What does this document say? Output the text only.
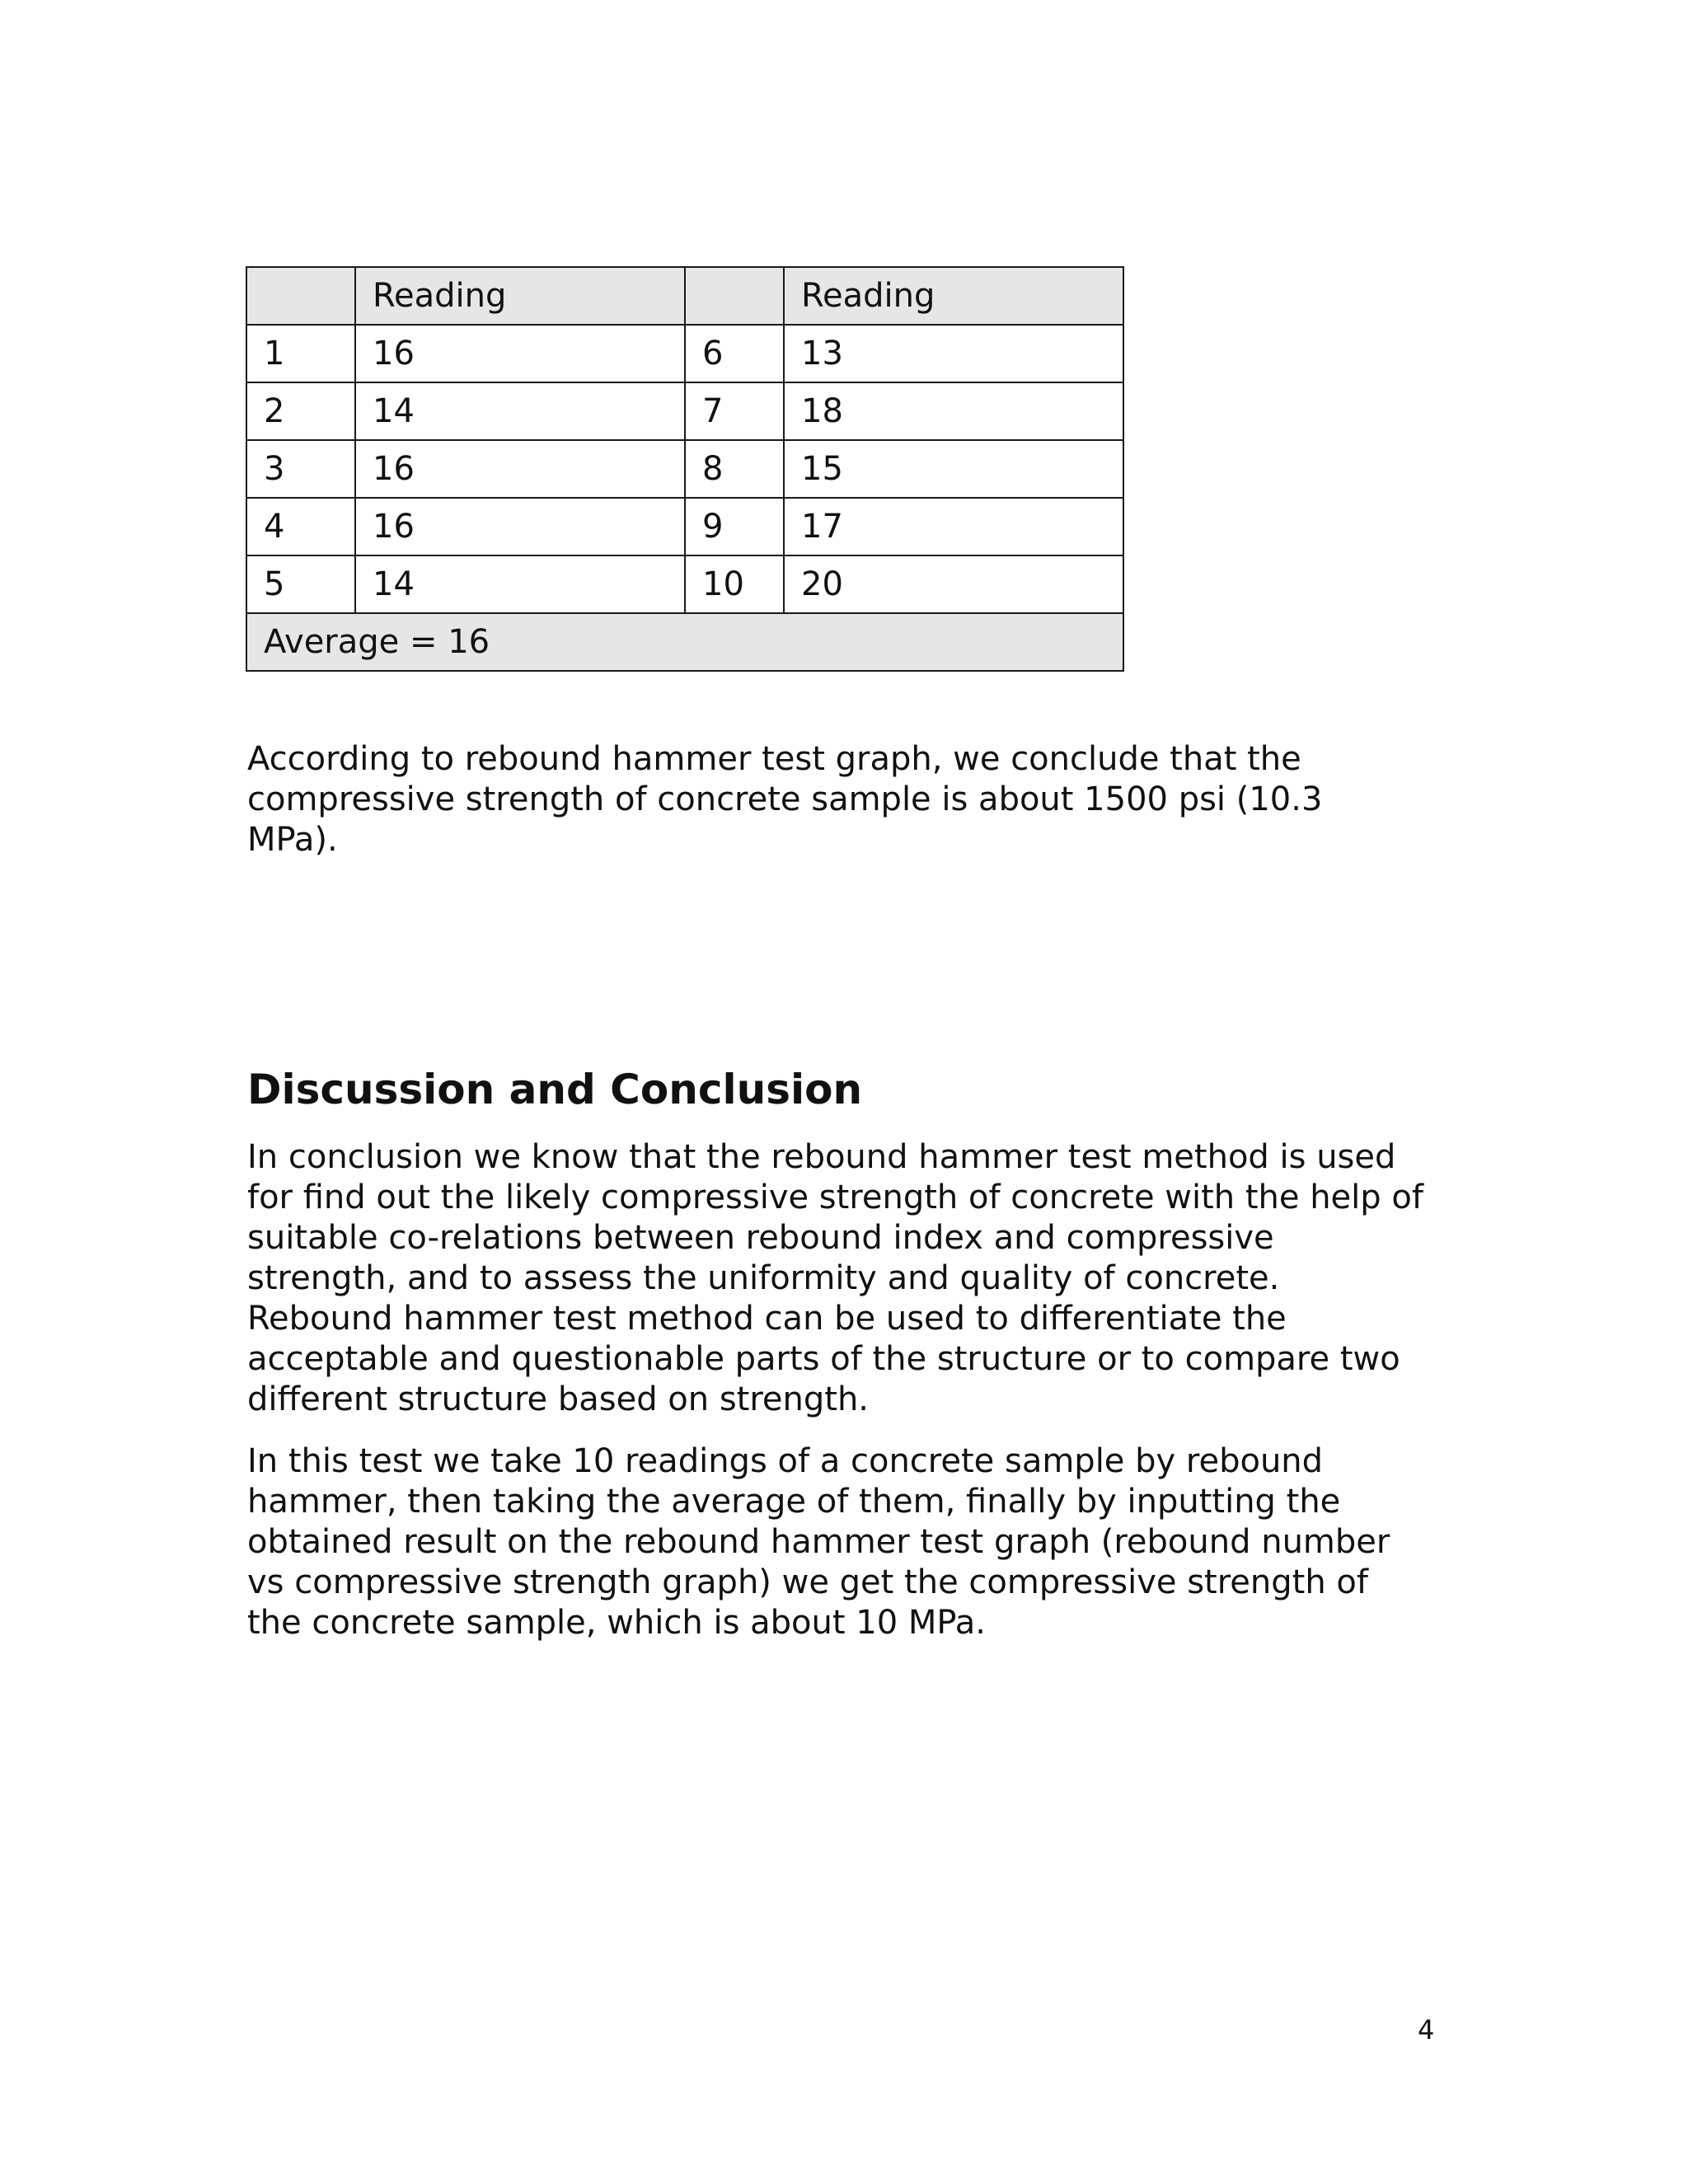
	Reading		Reading
1	16	6	13
2	14	7	18
3	16	8	15
4	16	9	17
5	14	10	20
Average = 16			

According to rebound hammer test graph, we conclude that the
compressive strength of concrete sample is about 1500 psi (10.3
MPa).

Discussion and Conclusion

In conclusion we know that the rebound hammer test method is used
for find out the likely compressive strength of concrete with the help of
suitable co-relations between rebound index and compressive
strength, and to assess the uniformity and quality of concrete.
Rebound hammer test method can be used to differentiate the
acceptable and questionable parts of the structure or to compare two
different structure based on strength.

In this test we take 10 readings of a concrete sample by rebound
hammer, then taking the average of them, finally by inputting the
obtained result on the rebound hammer test graph (rebound number
vs compressive strength graph) we get the compressive strength of
the concrete sample, which is about 10 MPa.

4
